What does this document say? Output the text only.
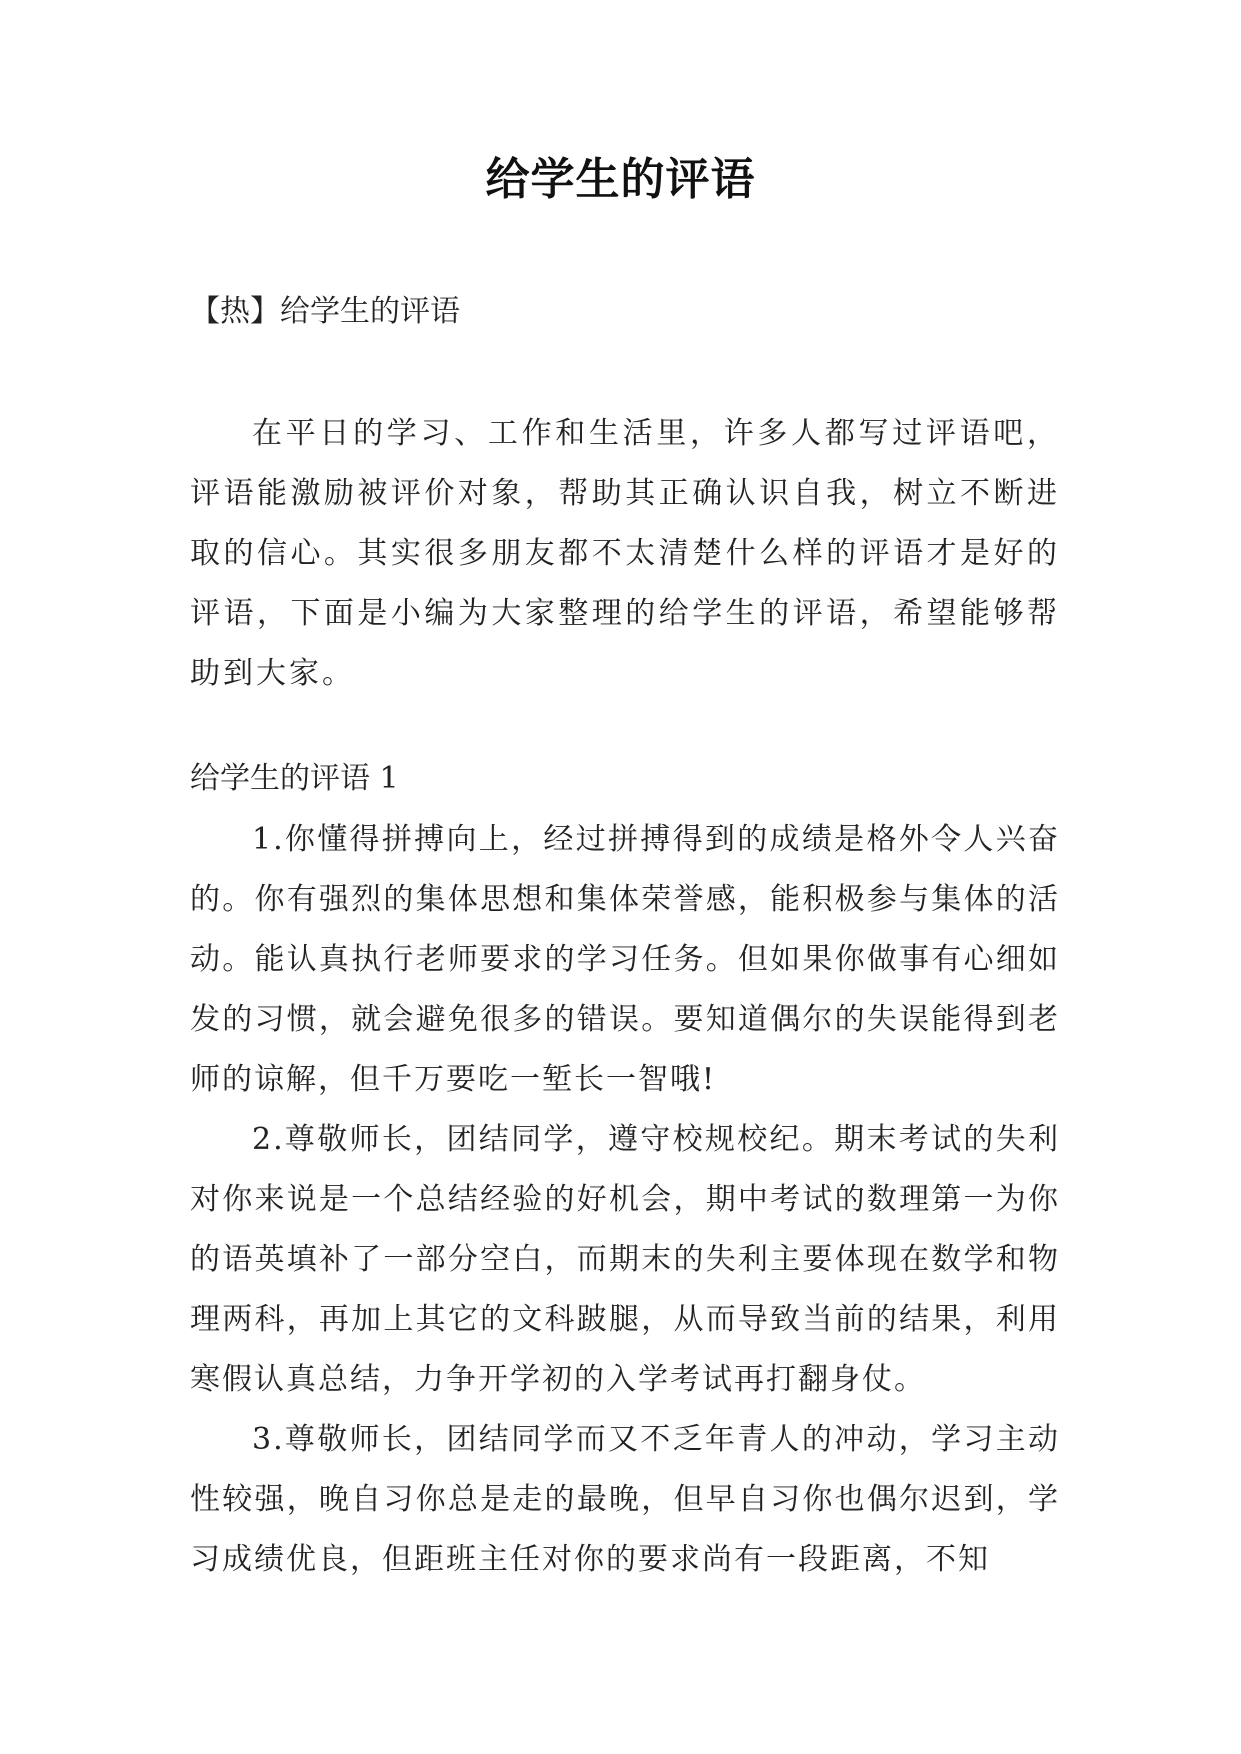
给学生的评语
【热】给学生的评语
在平日的学习、工作和生活里，许多人都写过评语吧，评语能激励被评价对象，帮助其正确认识自我，树立不断进取的信心。其实很多朋友都不太清楚什么样的评语才是好的评语，下面是小编为大家整理的给学生的评语，希望能够帮助到大家。
给学生的评语 1

1.你懂得拼搏向上，经过拼搏得到的成绩是格外令人兴奋的。你有强烈的集体思想和集体荣誉感，能积极参与集体的活动。能认真执行老师要求的学习任务。但如果你做事有心细如发的习惯，就会避免很多的错误。要知道偶尔的失误能得到老师的谅解，但千万要吃一堑长一智哦!

2.尊敬师长，团结同学，遵守校规校纪。期末考试的失利对你来说是一个总结经验的好机会，期中考试的数理第一为你的语英填补了一部分空白，而期末的失利主要体现在数学和物理两科，再加上其它的文科跛腿，从而导致当前的结果，利用寒假认真总结，力争开学初的入学考试再打翻身仗。

3.尊敬师长，团结同学而又不乏年青人的冲动，学习主动性较强，晚自习你总是走的最晚，但早自习你也偶尔迟到，学习成绩优良，但距班主任对你的要求尚有一段距离，不知
